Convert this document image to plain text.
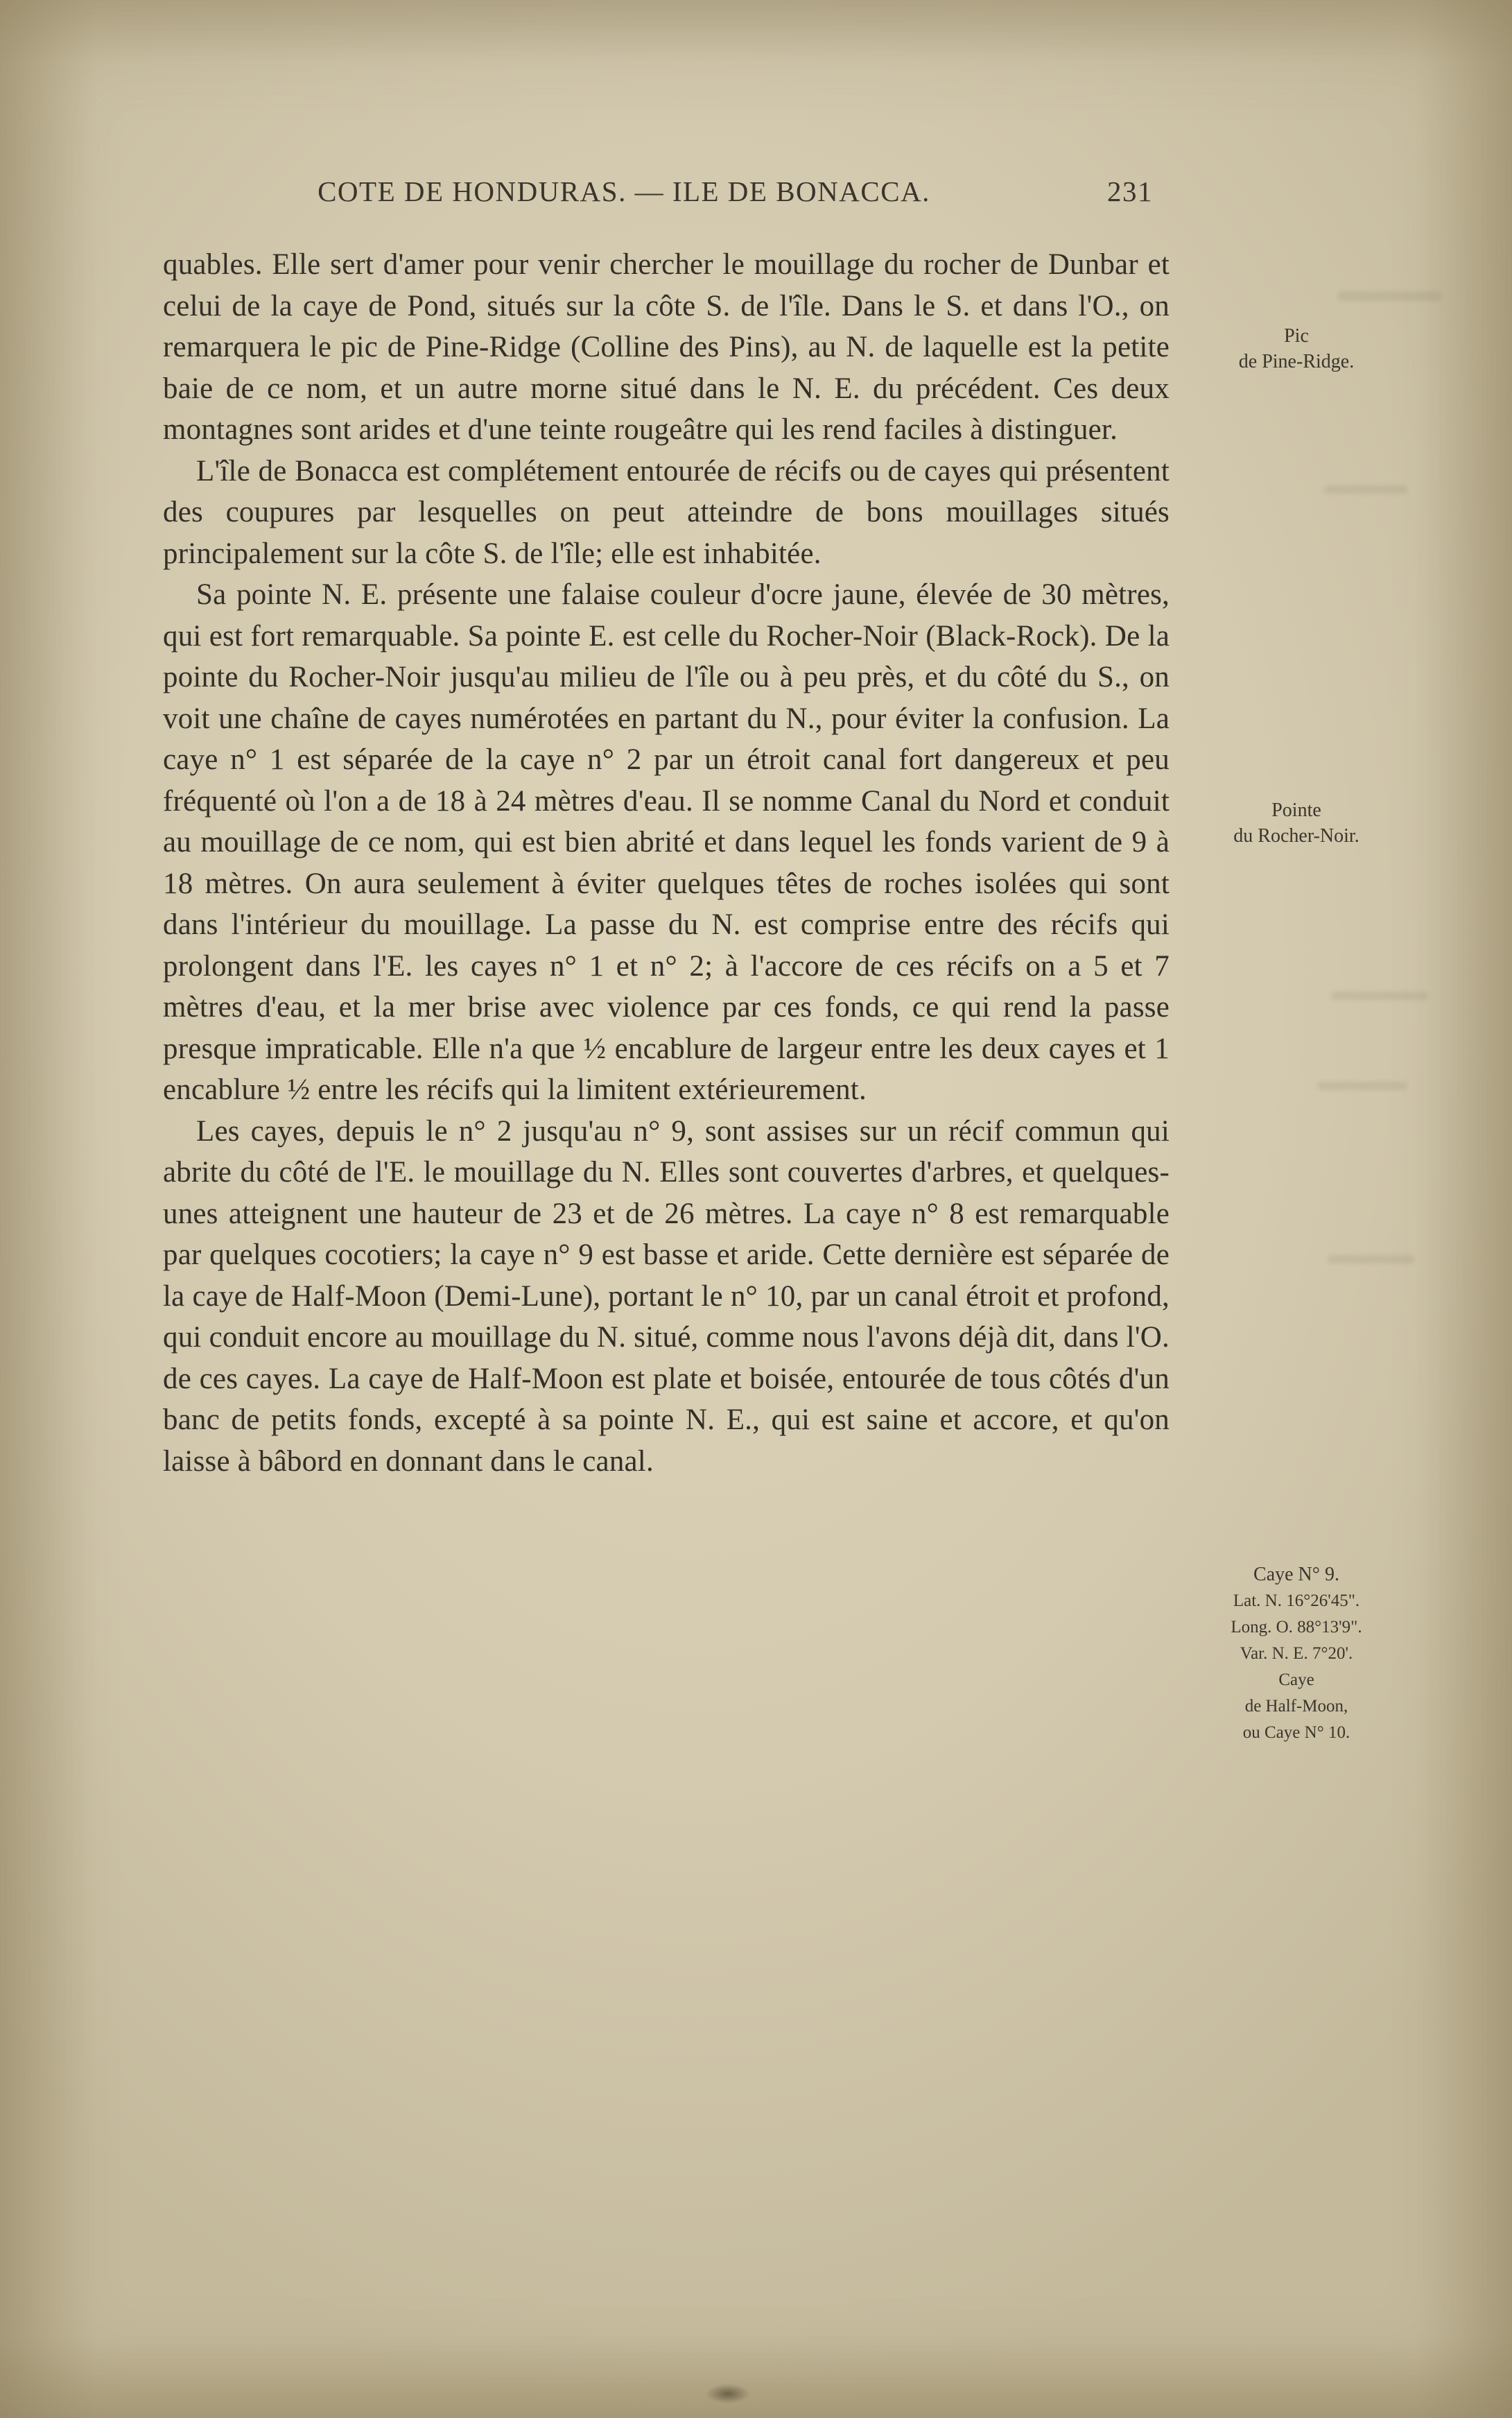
COTE DE HONDURAS. — ILE DE BONACCA.	231

quables. Elle sert d'amer pour venir chercher le mouillage du rocher de Dunbar et celui de la caye de Pond, situés sur la côte S. de l'île. Dans le S. et dans l'O., on remarquera le pic de Pine-Ridge (Colline des Pins), au N. de laquelle est la petite baie de ce nom, et un autre morne situé dans le N. E. du précédent. Ces deux montagnes sont arides et d'une teinte rougeâtre qui les rend faciles à distinguer.

L'île de Bonacca est complétement entourée de récifs ou de cayes qui présentent des coupures par lesquelles on peut atteindre de bons mouillages situés principalement sur la côte S. de l'île; elle est inhabitée.

Sa pointe N. E. présente une falaise couleur d'ocre jaune, élevée de 30 mètres, qui est fort remarquable. Sa pointe E. est celle du Rocher-Noir (Black-Rock). De la pointe du Rocher-Noir jusqu'au milieu de l'île ou à peu près, et du côté du S., on voit une chaîne de cayes numérotées en partant du N., pour éviter la confusion. La caye n° 1 est séparée de la caye n° 2 par un étroit canal fort dangereux et peu fréquenté où l'on a de 18 à 24 mètres d'eau. Il se nomme Canal du Nord et conduit au mouillage de ce nom, qui est bien abrité et dans lequel les fonds varient de 9 à 18 mètres. On aura seulement à éviter quelques têtes de roches isolées qui sont dans l'intérieur du mouillage. La passe du N. est comprise entre des récifs qui prolongent dans l'E. les cayes n° 1 et n° 2; à l'accore de ces récifs on a 5 et 7 mètres d'eau, et la mer brise avec violence par ces fonds, ce qui rend la passe presque impraticable. Elle n'a que ½ encablure de largeur entre les deux cayes et 1 encablure ½ entre les récifs qui la limitent extérieurement.

Les cayes, depuis le n° 2 jusqu'au n° 9, sont assises sur un récif commun qui abrite du côté de l'E. le mouillage du N. Elles sont couvertes d'arbres, et quelques-unes atteignent une hauteur de 23 et de 26 mètres. La caye n° 8 est remarquable par quelques cocotiers; la caye n° 9 est basse et aride. Cette dernière est séparée de la caye de Half-Moon (Demi-Lune), portant le n° 10, par un canal étroit et profond, qui conduit encore au mouillage du N. situé, comme nous l'avons déjà dit, dans l'O. de ces cayes. La caye de Half-Moon est plate et boisée, entourée de tous côtés d'un banc de petits fonds, excepté à sa pointe N. E., qui est saine et accore, et qu'on laisse à bâbord en donnant dans le canal.

Pic
de Pine-Ridge.
Pointe
du Rocher-Noir.
Caye N° 9.
Lat. N. 16°26'45".
Long. O. 88°13'9".
Var. N. E. 7°20'.
Caye
de Half-Moon,
ou Caye N° 10.
